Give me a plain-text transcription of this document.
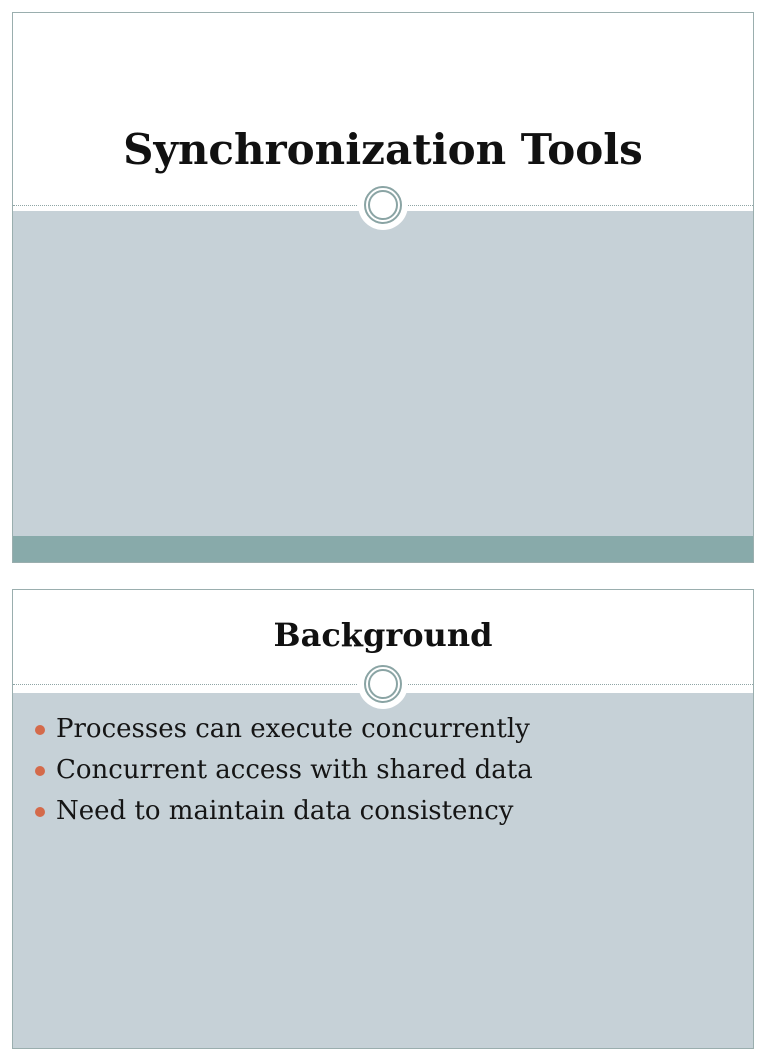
Synchronization Tools
Background
Processes can execute concurrently
Concurrent access with shared data
Need to maintain data consistency
